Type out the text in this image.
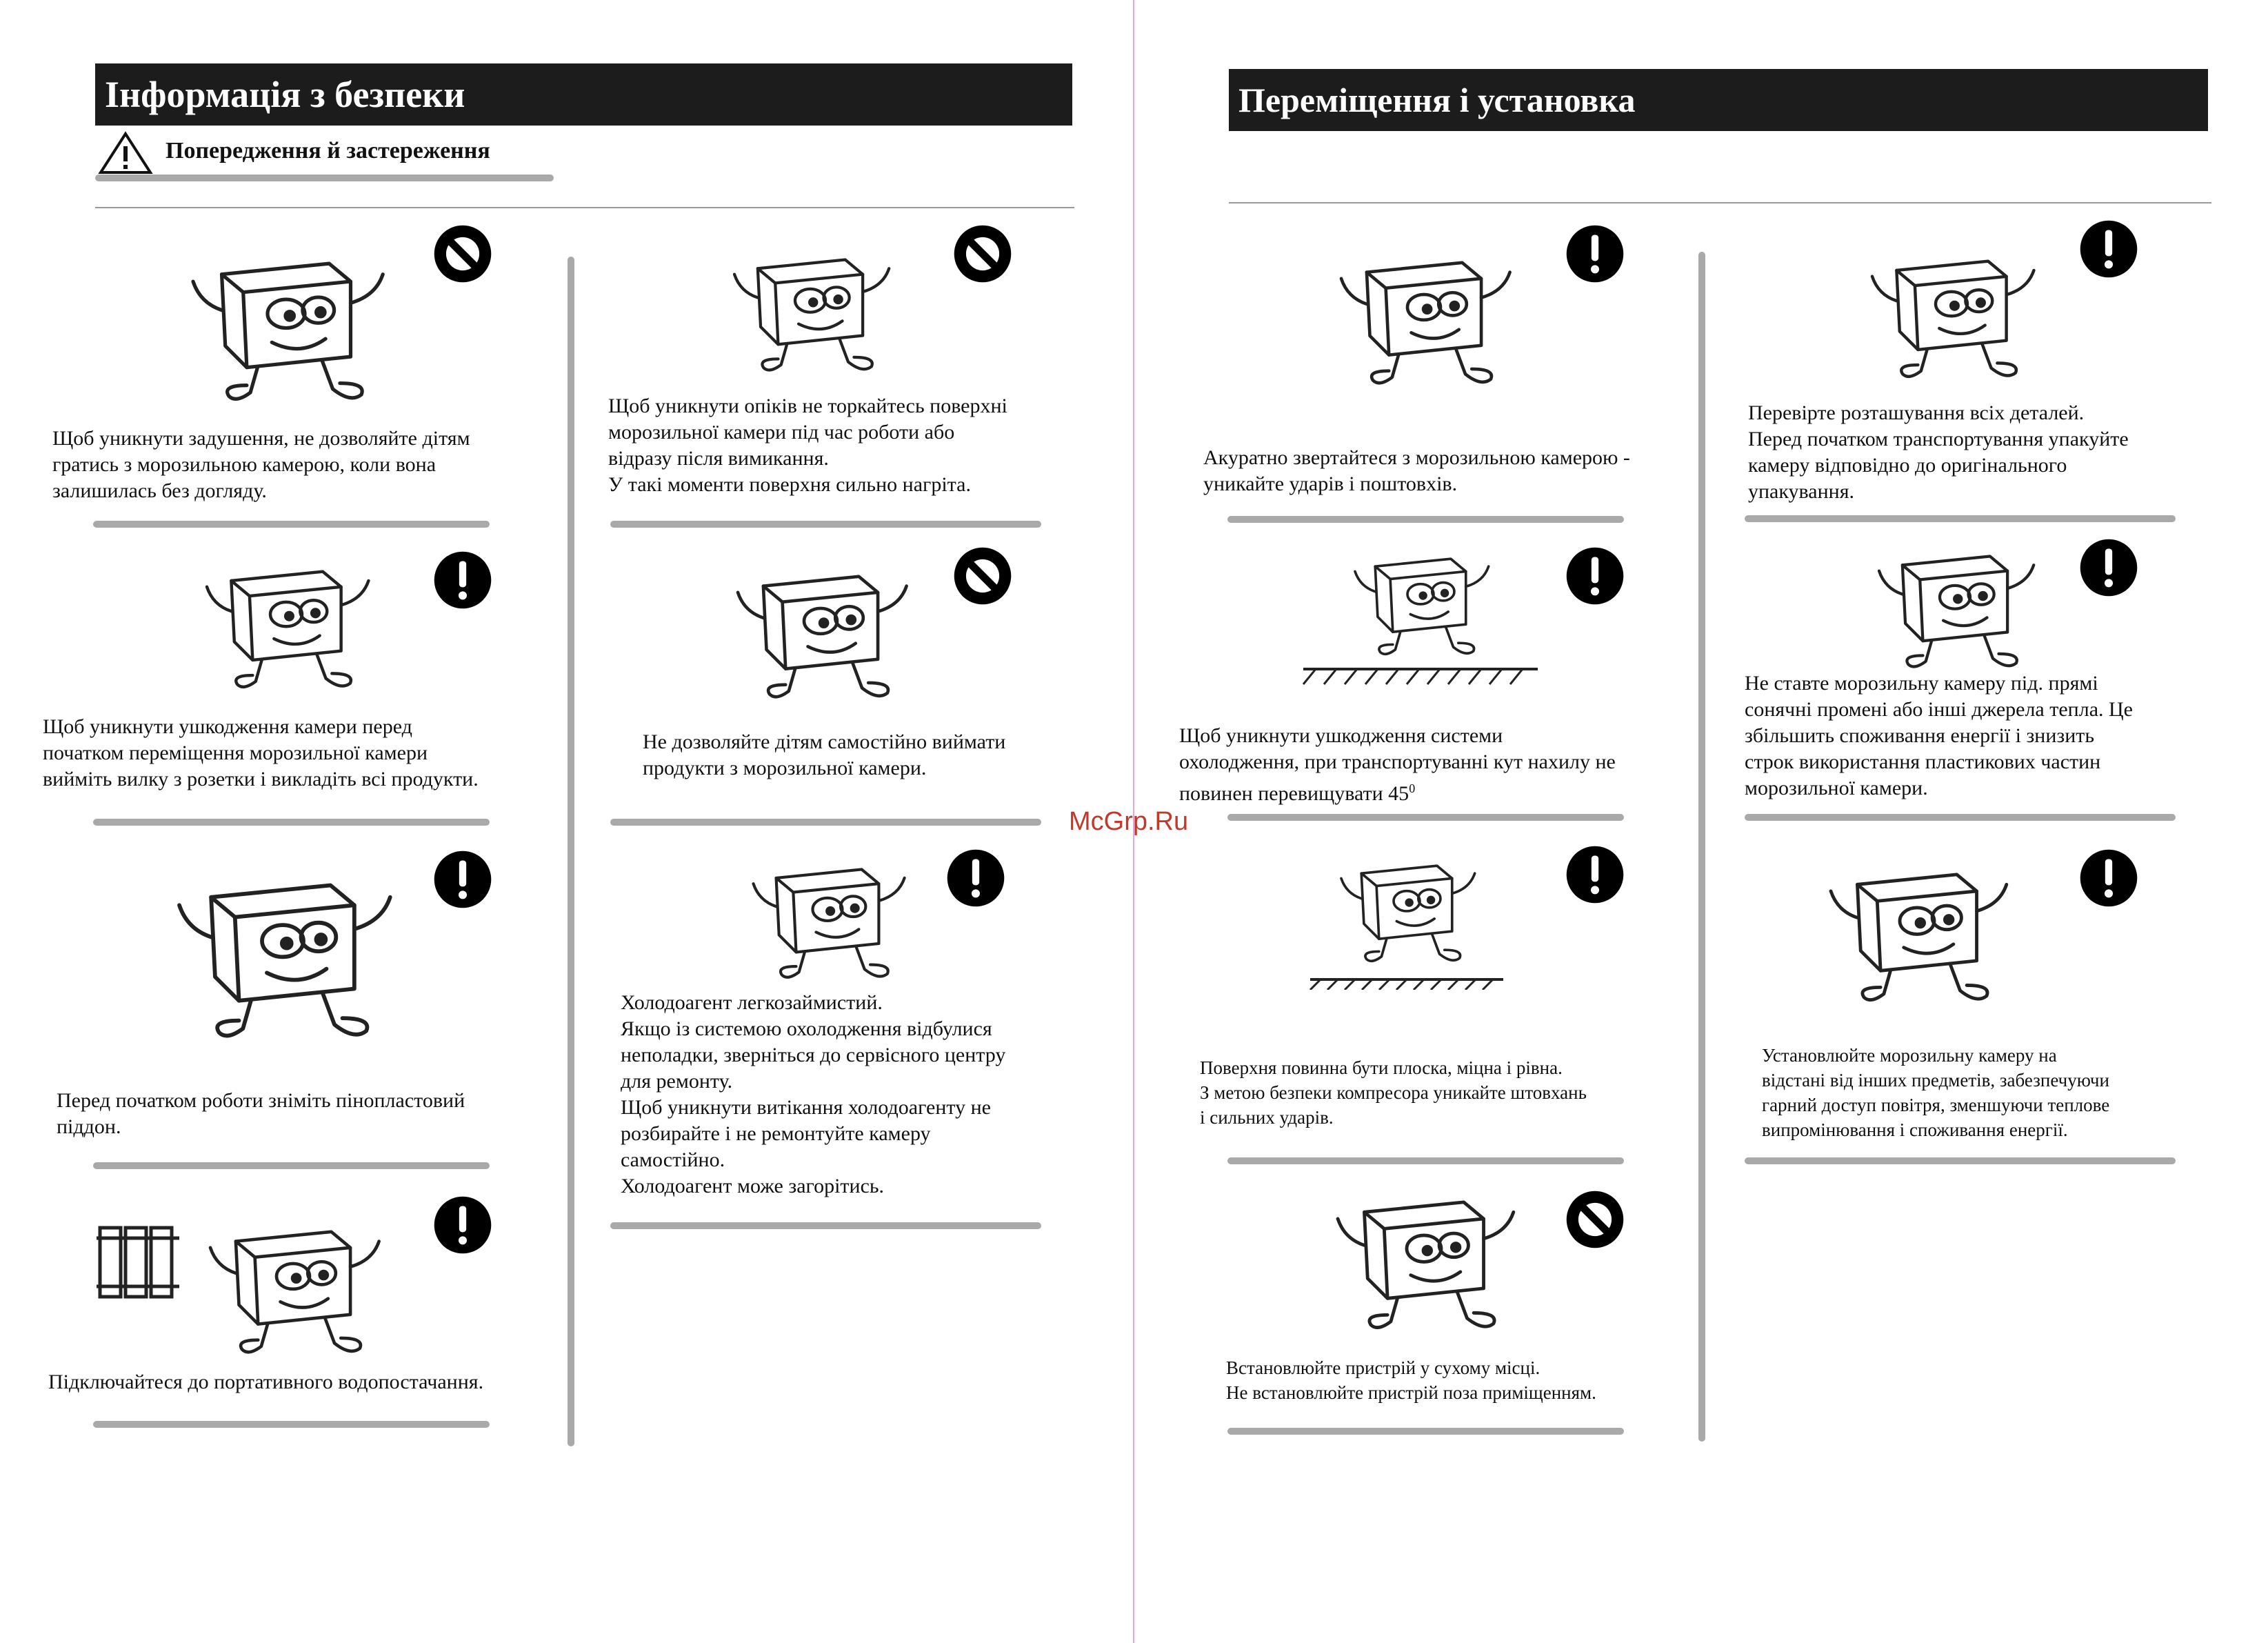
Інформація з безпеки
Попередження й застереження
Щоб уникнути задушення, не дозволяйте дітям
гратись з морозильною камерою, коли вона
залишилась без догляду.
Щоб уникнути ушкодження камери перед
початком переміщення морозильної камери
вийміть вилку з розетки і викладіть всі продукти.
Перед початком роботи зніміть пінопластовий
піддон.
Підключайтеся до портативного водопостачання.
Щоб уникнути опіків не торкайтесь поверхні
морозильної камери під час роботи або
відразу після вимикання.
У такі моменти поверхня сильно нагріта.
Не дозволяйте дітям самостійно виймати
продукти з морозильної камери.
Холодоагент легкозаймистий.
Якщо із системою охолодження відбулися
неполадки, зверніться до сервісного центру
для ремонту.
Щоб уникнути витікання холодоагенту не
розбирайте і не ремонтуйте камеру
самостійно.
Холодоагент може загорітись.
McGrp.Ru
Переміщення і установка
Акуратно звертайтеся з морозильною камерою -
уникайте ударів і поштовхів.
Щоб уникнути ушкодження системи
охолодження, при транспортуванні кут нахилу не
повинен перевищувати $45^0$
Поверхня повинна бути плоска, міцна і рівна.
З метою безпеки компресора уникайте штовхань
і сильних ударів.
Встановлюйте пристрій у сухому місці.
Не встановлюйте пристрій поза приміщенням.
Перевірте розташування всіх деталей.
Перед початком транспортування упакуйте
камеру відповідно до оригінального
упакування.
Не ставте морозильну камеру під. прямі
сонячні промені або інші джерела тепла. Це
збільшить споживання енергії і знизить
строк використання пластикових частин
морозильної камери.
Установлюйте морозильну камеру на
відстані від інших предметів, забезпечуючи
гарний доступ повітря, зменшуючи теплове
випромінювання і споживання енергії.
